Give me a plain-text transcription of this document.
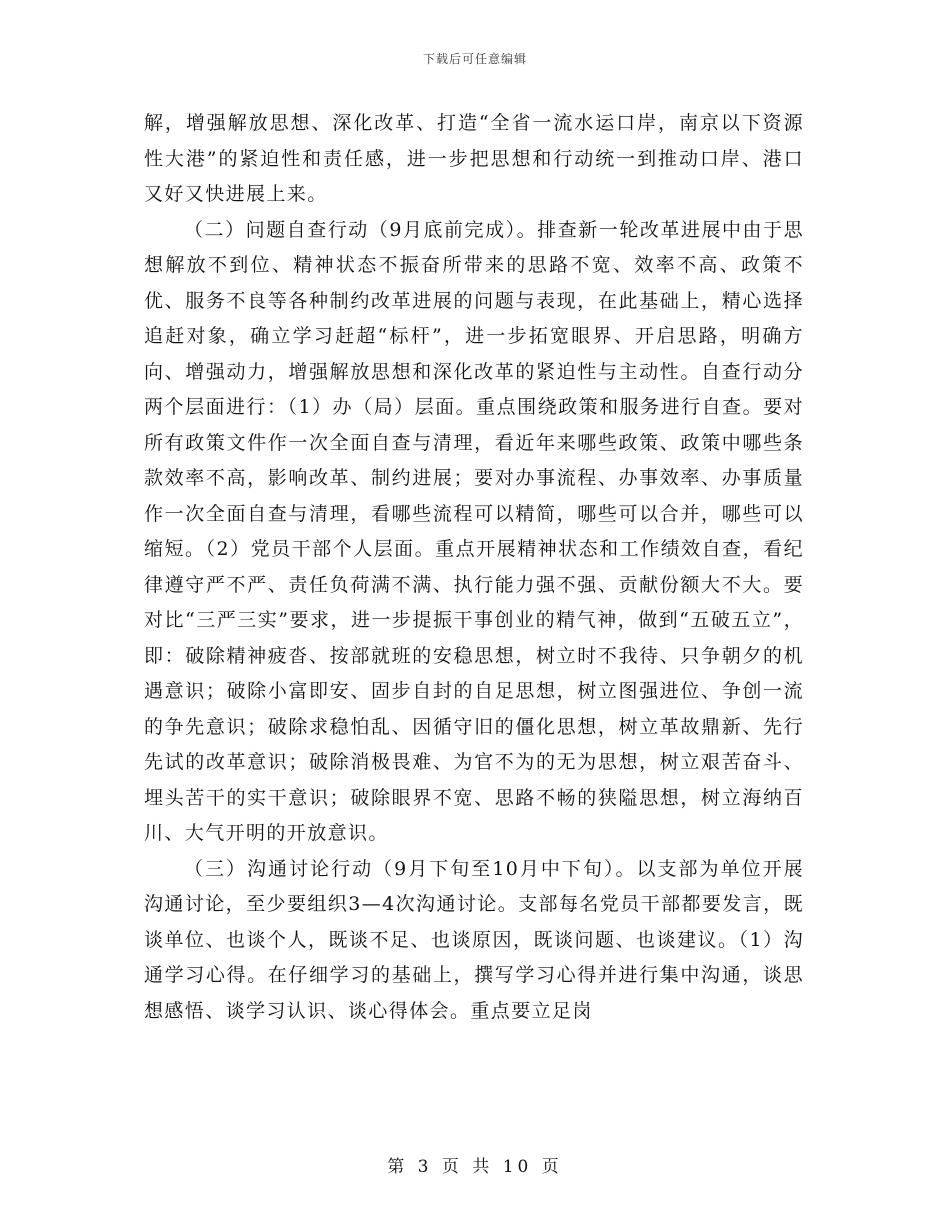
下载后可任意编辑

解，增强解放思想、深化改革、打造“全省一流水运口岸，南京以下资源性大港”的紧迫性和责任感，进一步把思想和行动统一到推动口岸、港口又好又快进展上来。

（二）问题自查行动（9月底前完成）。排查新一轮改革进展中由于思想解放不到位、精神状态不振奋所带来的思路不宽、效率不高、政策不优、服务不良等各种制约改革进展的问题与表现，在此基础上，精心选择追赶对象，确立学习赶超“标杆”，进一步拓宽眼界、开启思路，明确方向、增强动力，增强解放思想和深化改革的紧迫性与主动性。自查行动分两个层面进行：（1）办（局）层面。重点围绕政策和服务进行自查。要对所有政策文件作一次全面自查与清理，看近年来哪些政策、政策中哪些条款效率不高，影响改革、制约进展；要对办事流程、办事效率、办事质量作一次全面自查与清理，看哪些流程可以精简，哪些可以合并，哪些可以缩短。（2）党员干部个人层面。重点开展精神状态和工作绩效自查，看纪律遵守严不严、责任负荷满不满、执行能力强不强、贡献份额大不大。要对比“三严三实”要求，进一步提振干事创业的精气神，做到“五破五立”，即：破除精神疲沓、按部就班的安稳思想，树立时不我待、只争朝夕的机遇意识；破除小富即安、固步自封的自足思想，树立图强进位、争创一流的争先意识；破除求稳怕乱、因循守旧的僵化思想，树立革故鼎新、先行先试的改革意识；破除消极畏难、为官不为的无为思想，树立艰苦奋斗、埋头苦干的实干意识；破除眼界不宽、思路不畅的狭隘思想，树立海纳百川、大气开明的开放意识。

（三）沟通讨论行动（9月下旬至10月中下旬）。以支部为单位开展沟通讨论，至少要组织3—4次沟通讨论。支部每名党员干部都要发言，既谈单位、也谈个人，既谈不足、也谈原因，既谈问题、也谈建议。（1）沟通学习心得。在仔细学习的基础上，撰写学习心得并进行集中沟通，谈思想感悟、谈学习认识、谈心得体会。重点要立足岗

第 3 页 共 10 页
